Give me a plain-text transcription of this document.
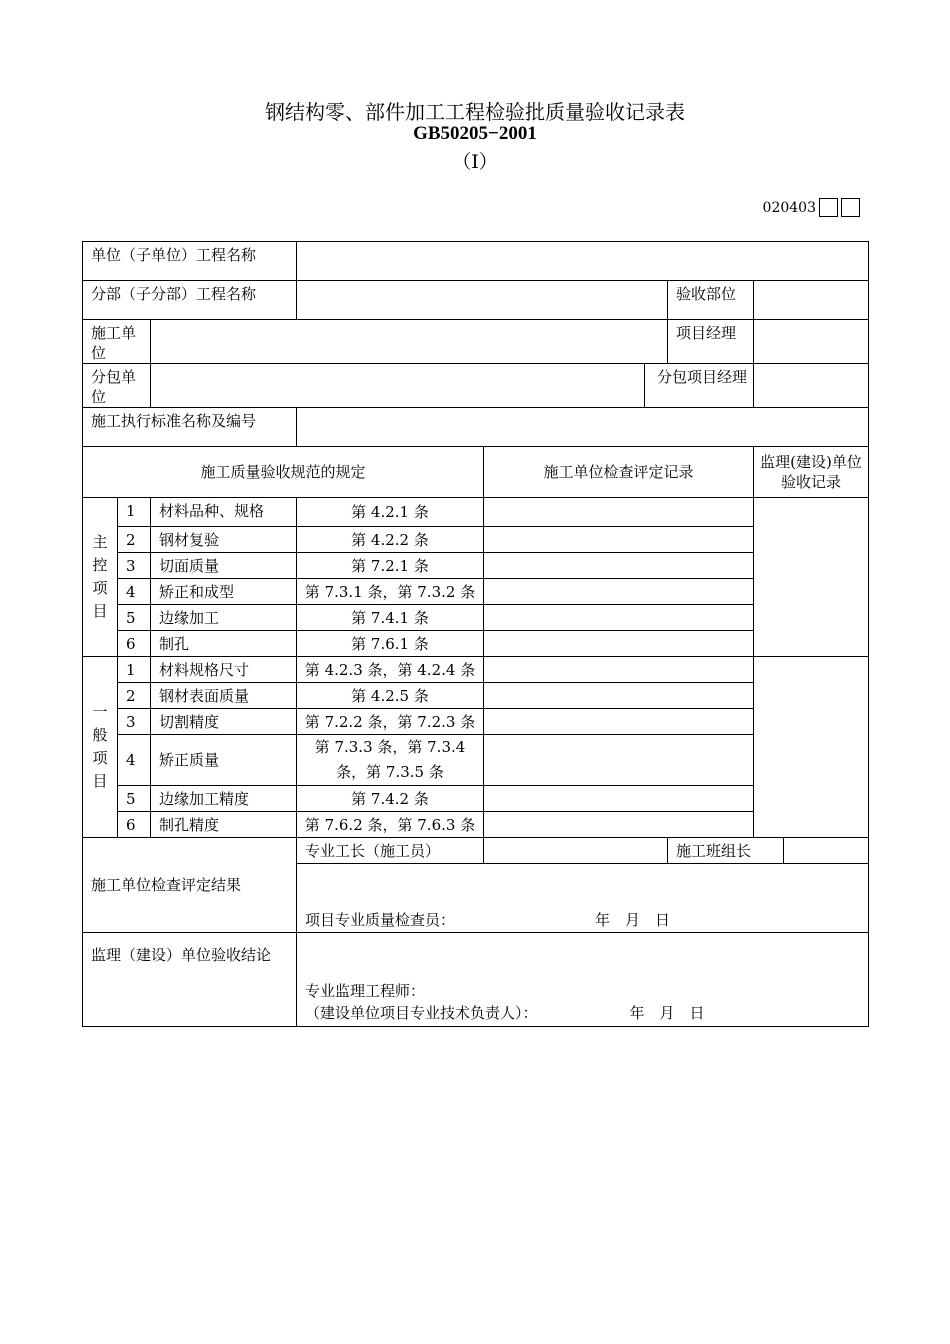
钢结构零、部件加工工程检验批质量验收记录表
GB50205−2001
（Ⅰ）
020403
单位（子单位）工程名称								
分部（子分部）工程名称						验收部位		
施工单位						项目经理		
分包单位					分包项目经理			
施工执行标准名称及编号								
施工质量验收规范的规定				施工单位检查评定记录			监理(建设)单位验收记录	

主
控
项
目	1	材料品种、规格	第 4.2.1 条					
	2	钢材复验	第 4.2.2 条					
	3	切面质量	第 7.2.1 条					
	4	矫正和成型	第 7.3.1 条，第 7.3.2 条					
	5	边缘加工	第 7.4.1 条					
	6	制孔	第 7.6.1 条					

一
般
项
目	1	材料规格尺寸	第 4.2.3 条，第 4.2.4 条					
	2	钢材表面质量	第 4.2.5 条					
	3	切割精度	第 7.2.2 条，第 7.2.3 条					
	4	矫正质量	第 7.3.3 条，第 7.3.4 条，第 7.3.5 条					
	5	边缘加工精度	第 7.4.2 条					
	6	制孔精度	第 7.6.2 条，第 7.6.3 条					
施工单位检查评定结果			专业工长（施工员）			施工班组长		
			项目专业质量检查员： 年　月　日					
监理（建设）单位验收结论			专业监理工程师：
（建设单位项目专业技术负责人）： 年　月　日					
